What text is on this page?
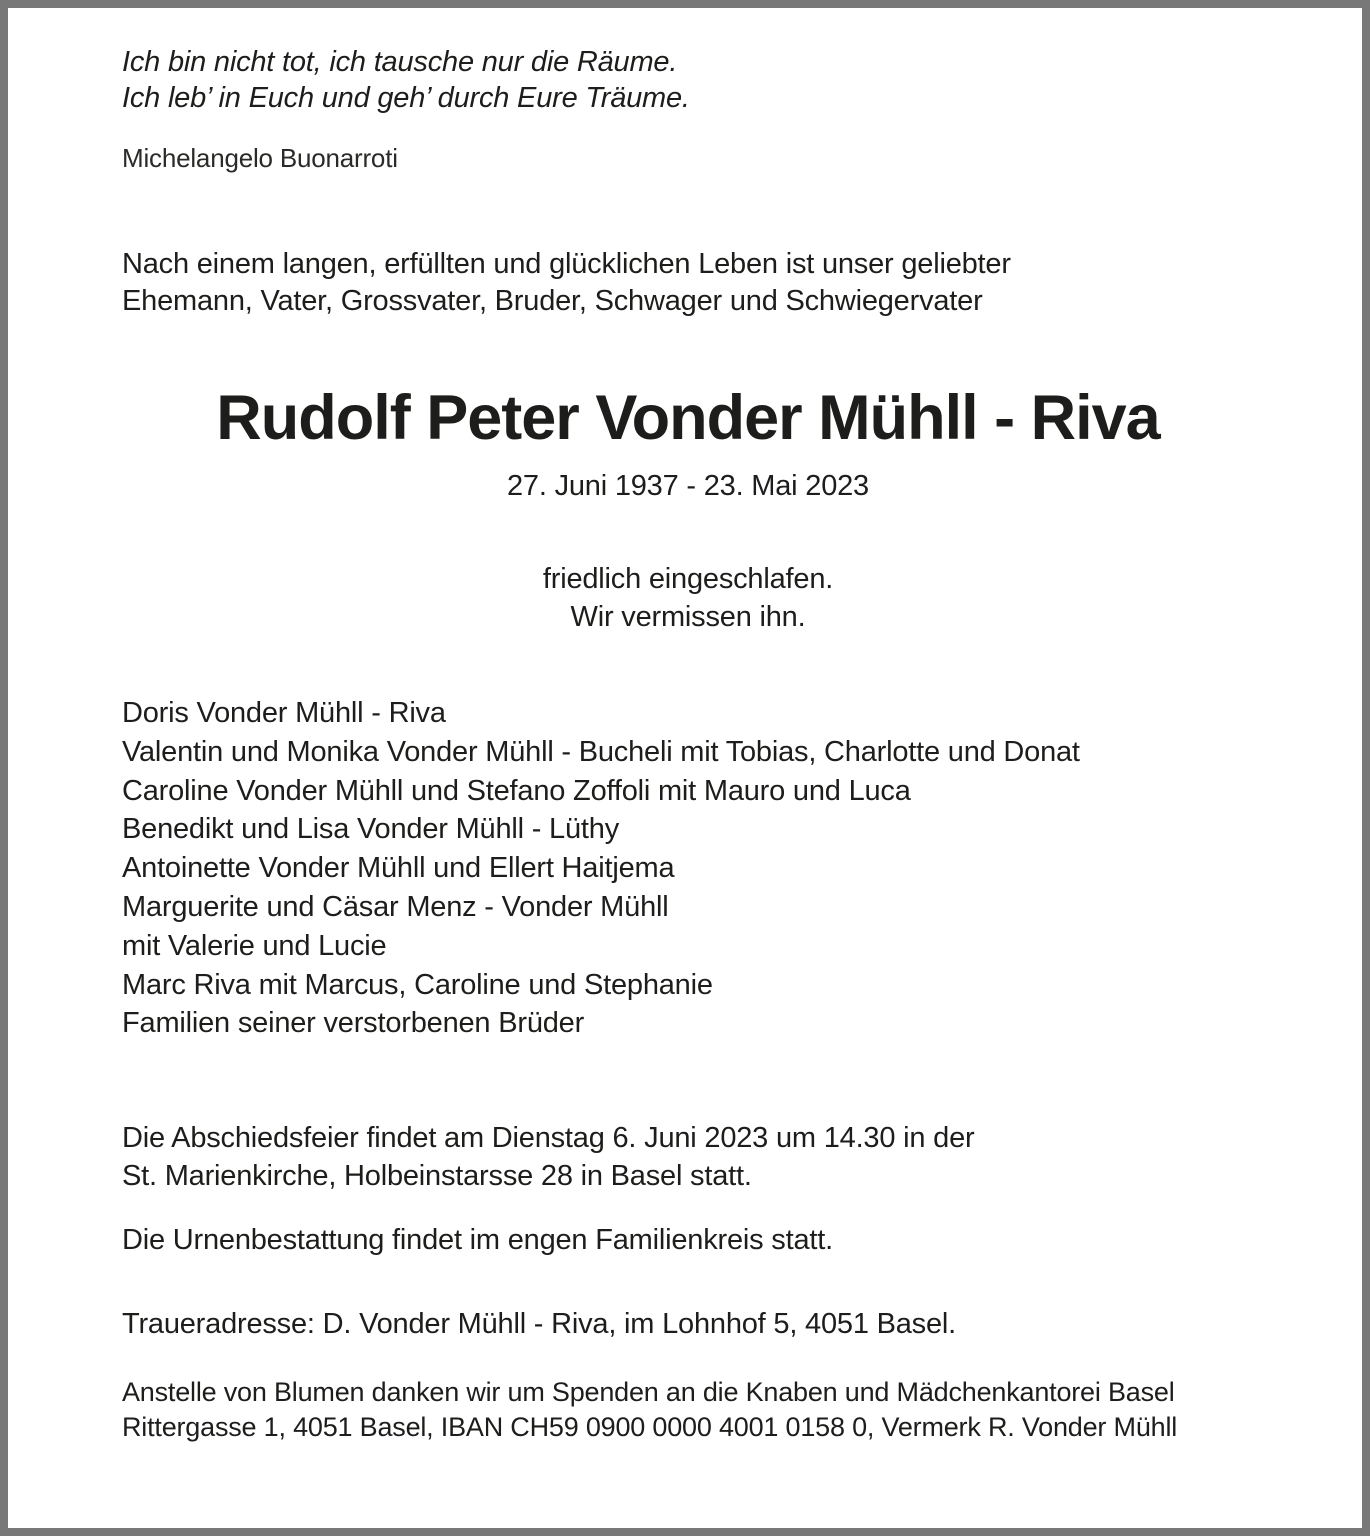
Ich bin nicht tot, ich tausche nur die Räume.
Ich leb’ in Euch und geh’ durch Eure Träume.
Michelangelo Buonarroti
Nach einem langen, erfüllten und glücklichen Leben ist unser geliebter
Ehemann, Vater, Grossvater, Bruder, Schwager und Schwiegervater
Rudolf Peter Vonder Mühll - Riva
27. Juni 1937 - 23. Mai 2023
friedlich eingeschlafen.
Wir vermissen ihn.
Doris Vonder Mühll - Riva
Valentin und Monika Vonder Mühll - Bucheli mit Tobias, Charlotte und Donat
Caroline Vonder Mühll und Stefano Zoffoli mit Mauro und Luca
Benedikt und Lisa Vonder Mühll - Lüthy
Antoinette Vonder Mühll und Ellert Haitjema
Marguerite und Cäsar Menz - Vonder Mühll
mit Valerie und Lucie
Marc Riva mit Marcus, Caroline und Stephanie
Familien seiner verstorbenen Brüder
Die Abschiedsfeier findet am Dienstag 6. Juni 2023 um 14.30 in der
St. Marienkirche, Holbeinstarsse 28 in Basel statt.
Die Urnenbestattung findet im engen Familienkreis statt.
Traueradresse: D. Vonder Mühll - Riva, im Lohnhof 5, 4051 Basel.
Anstelle von Blumen danken wir um Spenden an die Knaben und Mädchenkantorei Basel
Rittergasse 1, 4051 Basel, IBAN CH59 0900 0000 4001 0158 0, Vermerk R. Vonder Mühll
